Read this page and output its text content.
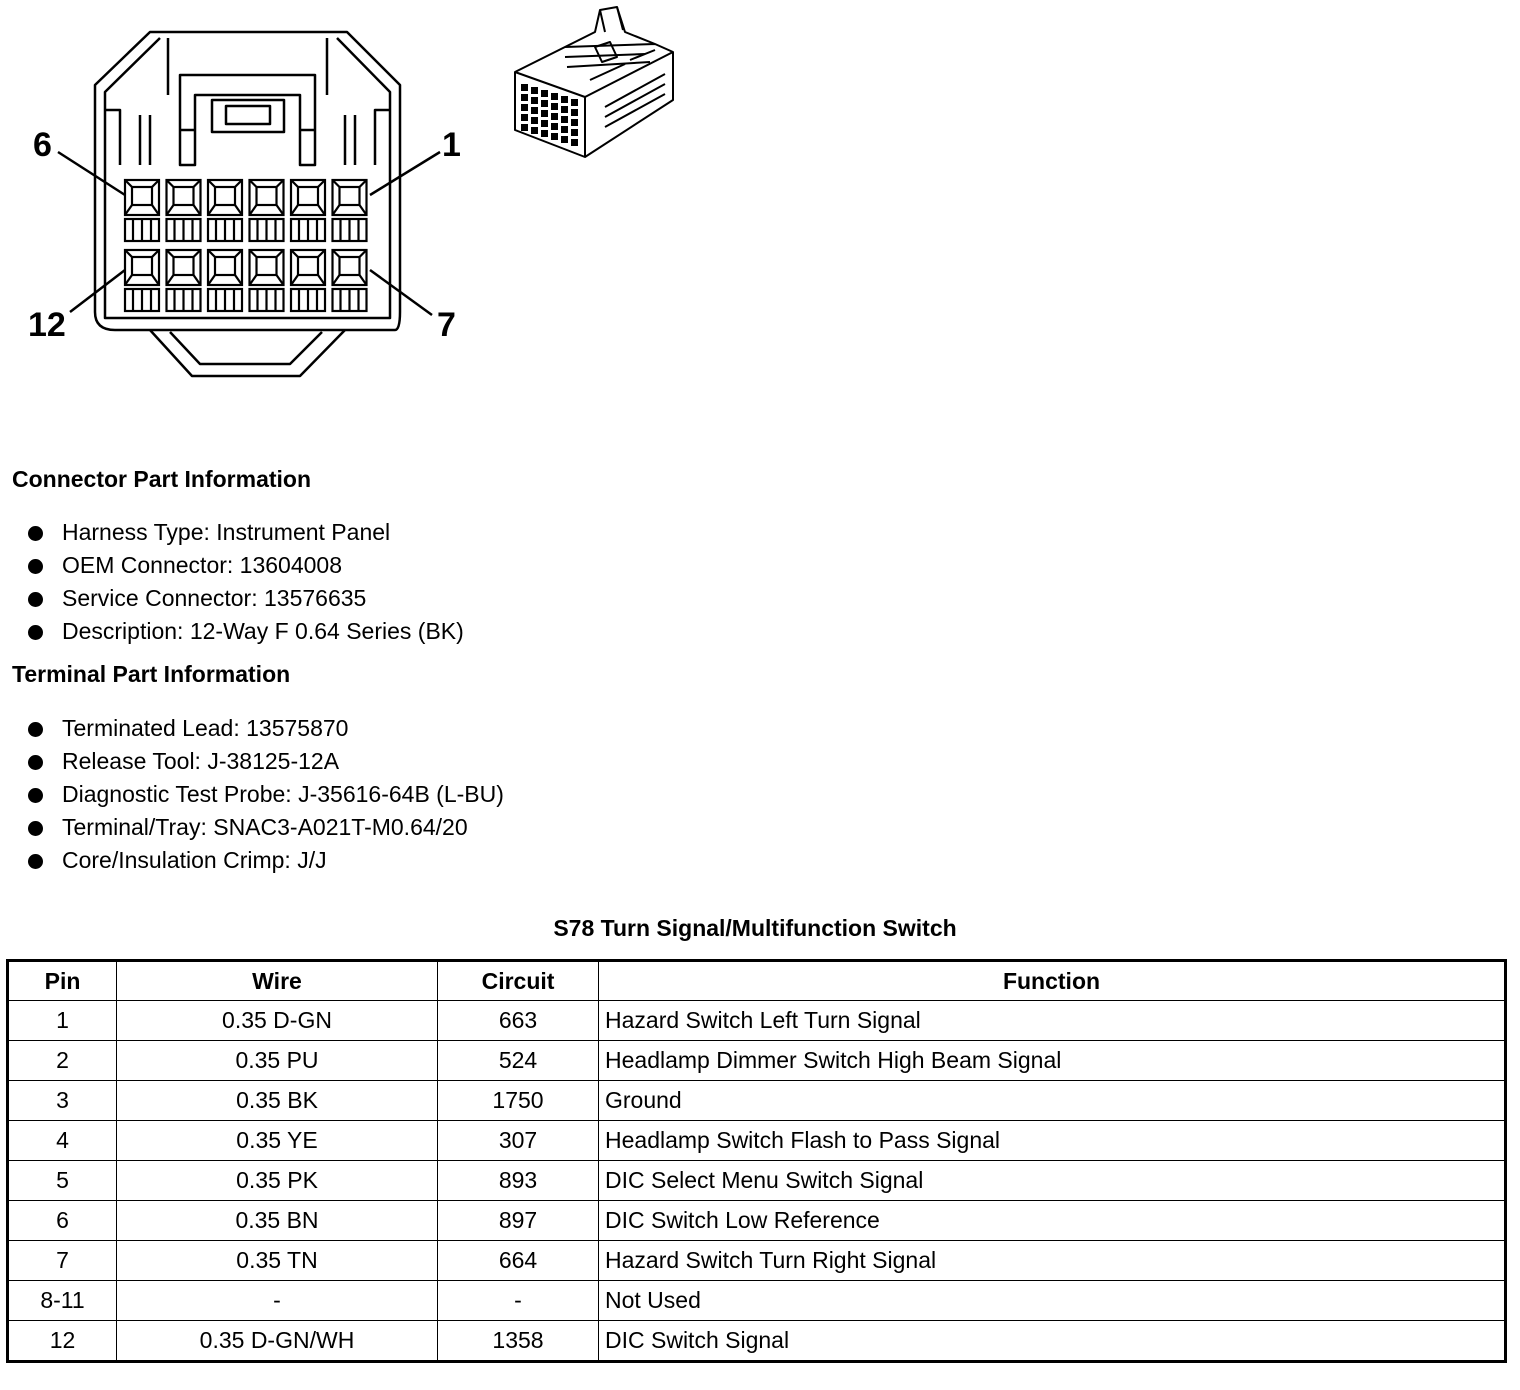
6	1
12	7
Connector Part Information
Harness Type: Instrument Panel
OEM Connector: 13604008
Service Connector: 13576635
Description: 12-Way F 0.64 Series (BK)
Terminal Part Information
Terminated Lead: 13575870
Release Tool: J-38125-12A
Diagnostic Test Probe: J-35616-64B (L-BU)
Terminal/Tray: SNAC3-A021T-M0.64/20
Core/Insulation Crimp: J/J
S78 Turn Signal/Multifunction Switch
Pin	Wire	Circuit	Function
1	0.35 D-GN	663	Hazard Switch Left Turn Signal
2	0.35 PU	524	Headlamp Dimmer Switch High Beam Signal
3	0.35 BK	1750	Ground
4	0.35 YE	307	Headlamp Switch Flash to Pass Signal
5	0.35 PK	893	DIC Select Menu Switch Signal
6	0.35 BN	897	DIC Switch Low Reference
7	0.35 TN	664	Hazard Switch Turn Right Signal
8-11	-	-	Not Used
12	0.35 D-GN/WH	1358	DIC Switch Signal
